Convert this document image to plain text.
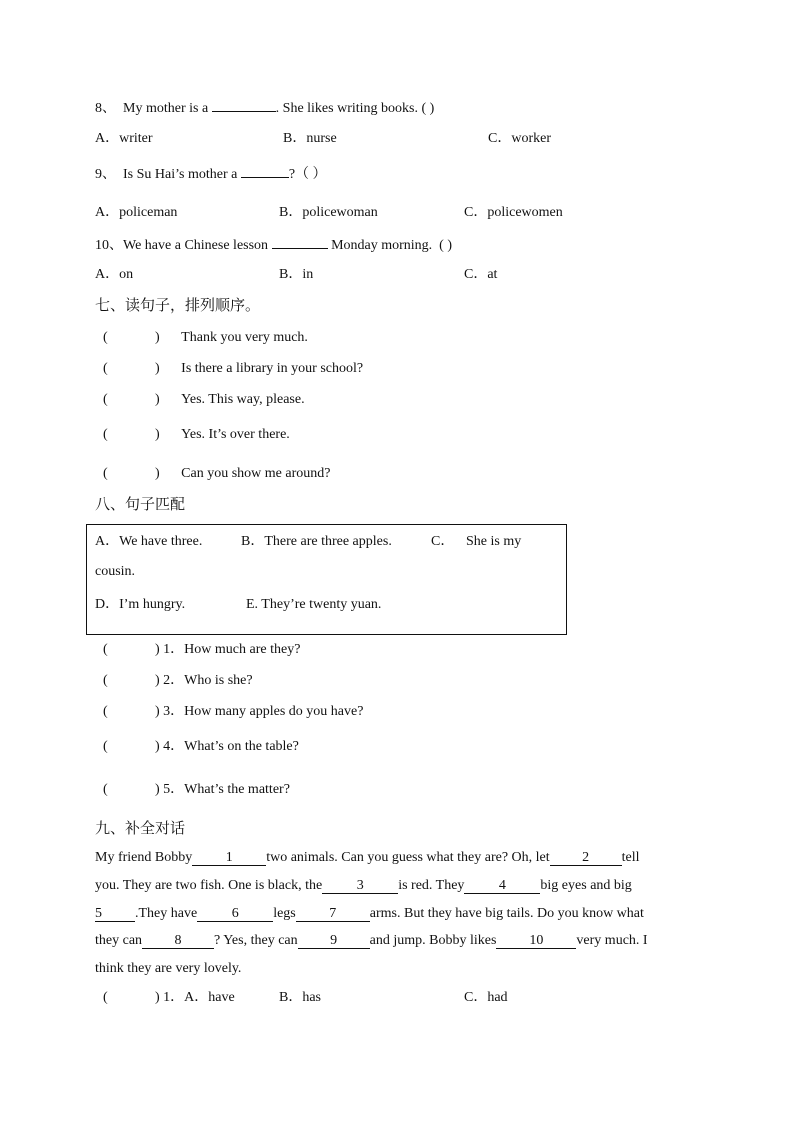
8、 My mother is a	. She likes writing books. ( )
A．writer	B．nurse	C．worker
9、 Is Su Hai’s mother a	?（ ）
A．policeman	B．policewoman	C．policewomen
10、We have a Chinese lesson	Monday morning. ( )
A．on	B．in	C．at
七、读句子，排列顺序。
(	) Thank you very much.
(	) Is there a library in your school?
(	) Yes. This way, please.
(	) Yes. It’s over there.
(	) Can you show me around?
八、句子匹配
A．We have three.	B．There are three apples.	C． She is my
cousin.
D．I’m hungry.	E. They’re twenty yuan.
(	) 1．How much are they?
(	) 2．Who is she?
(	) 3．How many apples do you have?
(	) 4．What’s on the table?
(	) 5．What’s the matter?
九、补全对话
My friend Bobby 1 two animals. Can you guess what they are? Oh, let 2 tell
you. They are two fish. One is black, the 3 is red. They 4 big eyes and big
5 .They have 6 legs 7 arms. But they have big tails. Do you know what
they can 8 ? Yes, they can 9 and jump. Bobby likes 10 very much. I
think they are very lovely.
(	) 1．A．have	B．has	C．had
